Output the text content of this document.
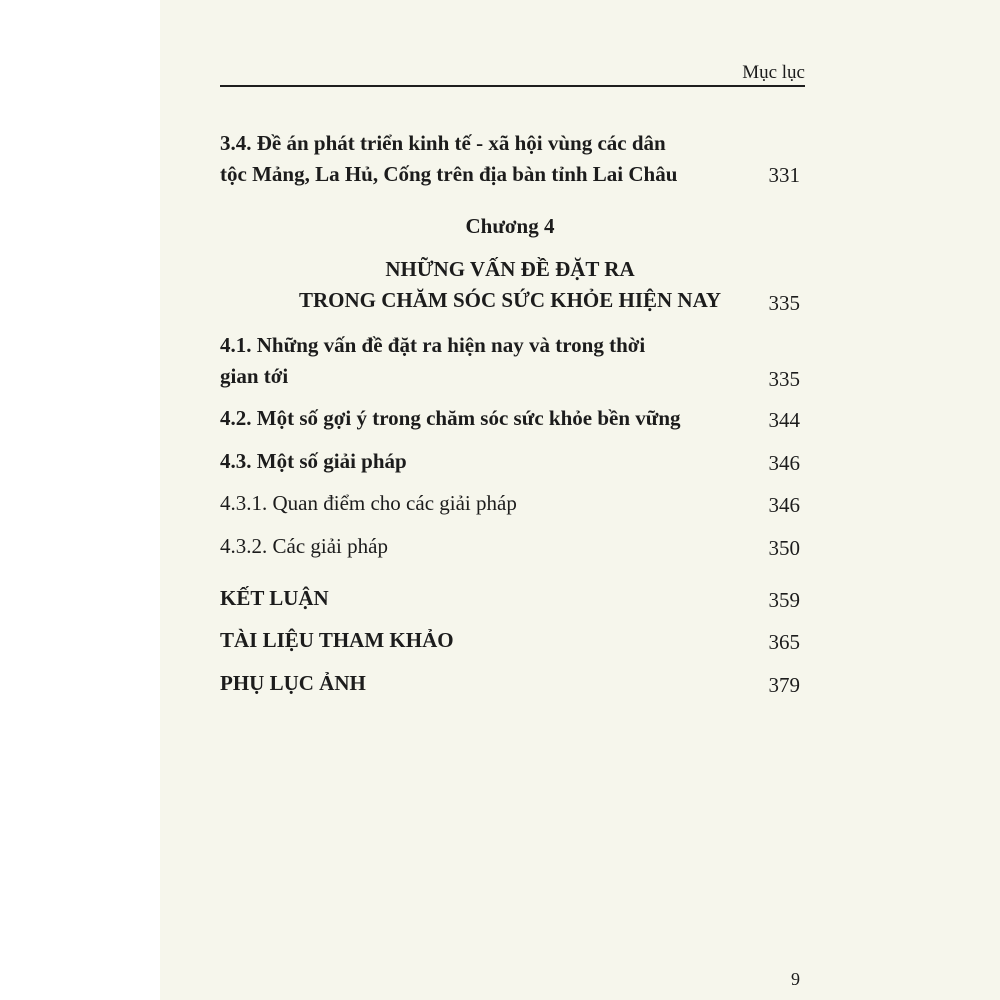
Mục lục
3.4. Đề án phát triển kinh tế - xã hội vùng các dân
tộc Mảng, La Hủ, Cống trên địa bàn tỉnh Lai Châu	331
Chương 4
NHỮNG VẤN ĐỀ ĐẶT RA
TRONG CHĂM SÓC SỨC KHỎE HIỆN NAY	335
4.1. Những vấn đề đặt ra hiện nay và trong thời
gian tới	335
4.2. Một số gợi ý trong chăm sóc sức khỏe bền vững	344
4.3. Một số giải pháp	346
4.3.1. Quan điểm cho các giải pháp	346
4.3.2. Các giải pháp	350
KẾT LUẬN	359
TÀI LIỆU THAM KHẢO	365
PHỤ LỤC ẢNH	379
9
